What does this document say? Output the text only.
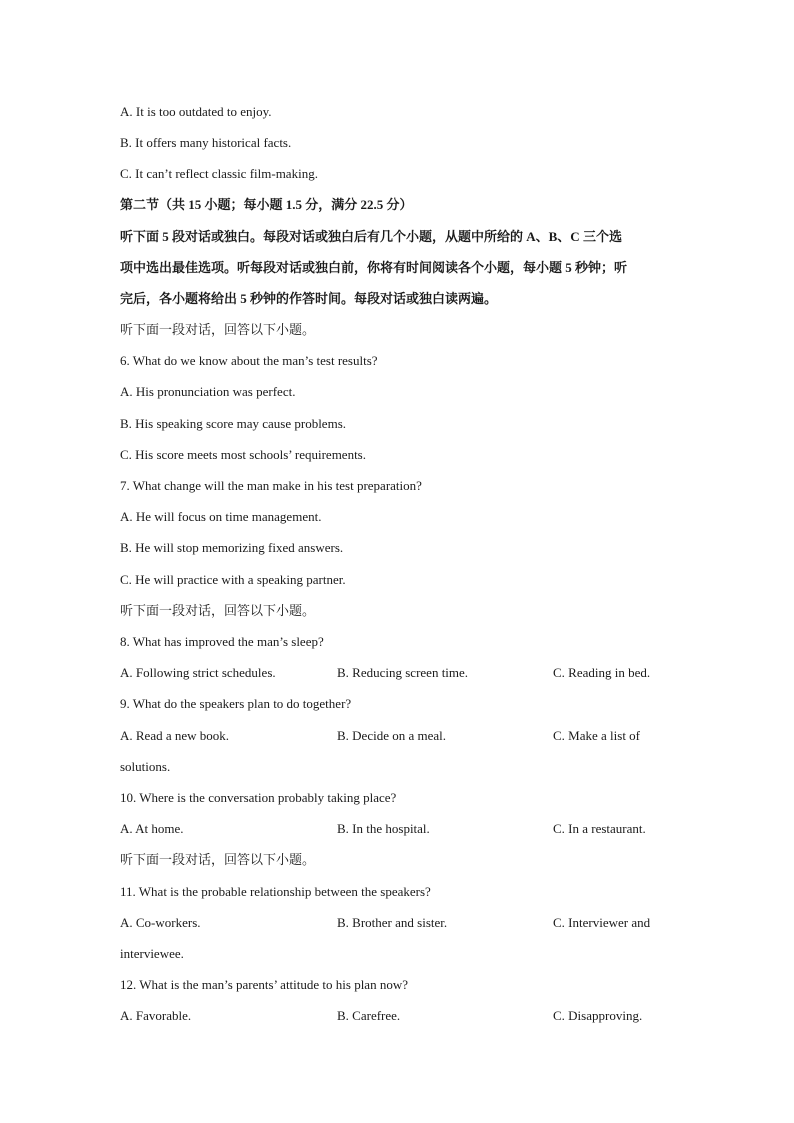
A. It is too outdated to enjoy.
B. It offers many historical facts.
C. It can’t reflect classic film-making.
第二节（共 15 小题；每小题 1.5 分，满分 22.5 分）
听下面 5 段对话或独白。每段对话或独白后有几个小题，从题中所给的 A、B、C 三个选
项中选出最佳选项。听每段对话或独白前，你将有时间阅读各个小题，每小题 5 秒钟；听
完后，各小题将给出 5 秒钟的作答时间。每段对话或独白读两遍。
听下面一段对话，回答以下小题。
6. What do we know about the man’s test results?
A. His pronunciation was perfect.
B. His speaking score may cause problems.
C. His score meets most schools’ requirements.
7. What change will the man make in his test preparation?
A. He will focus on time management.
B. He will stop memorizing fixed answers.
C. He will practice with a speaking partner.
听下面一段对话，回答以下小题。
8. What has improved the man’s sleep?
A. Following strict schedules.	B. Reducing screen time.	C. Reading in bed.
9. What do the speakers plan to do together?
A. Read a new book.	B. Decide on a meal.	C. Make a list of
solutions.
10. Where is the conversation probably taking place?
A. At home.	B. In the hospital.	C. In a restaurant.
听下面一段对话，回答以下小题。
11. What is the probable relationship between the speakers?
A. Co-workers.	B. Brother and sister.	C. Interviewer and
interviewee.
12. What is the man’s parents’ attitude to his plan now?
A. Favorable.	B. Carefree.	C. Disapproving.
